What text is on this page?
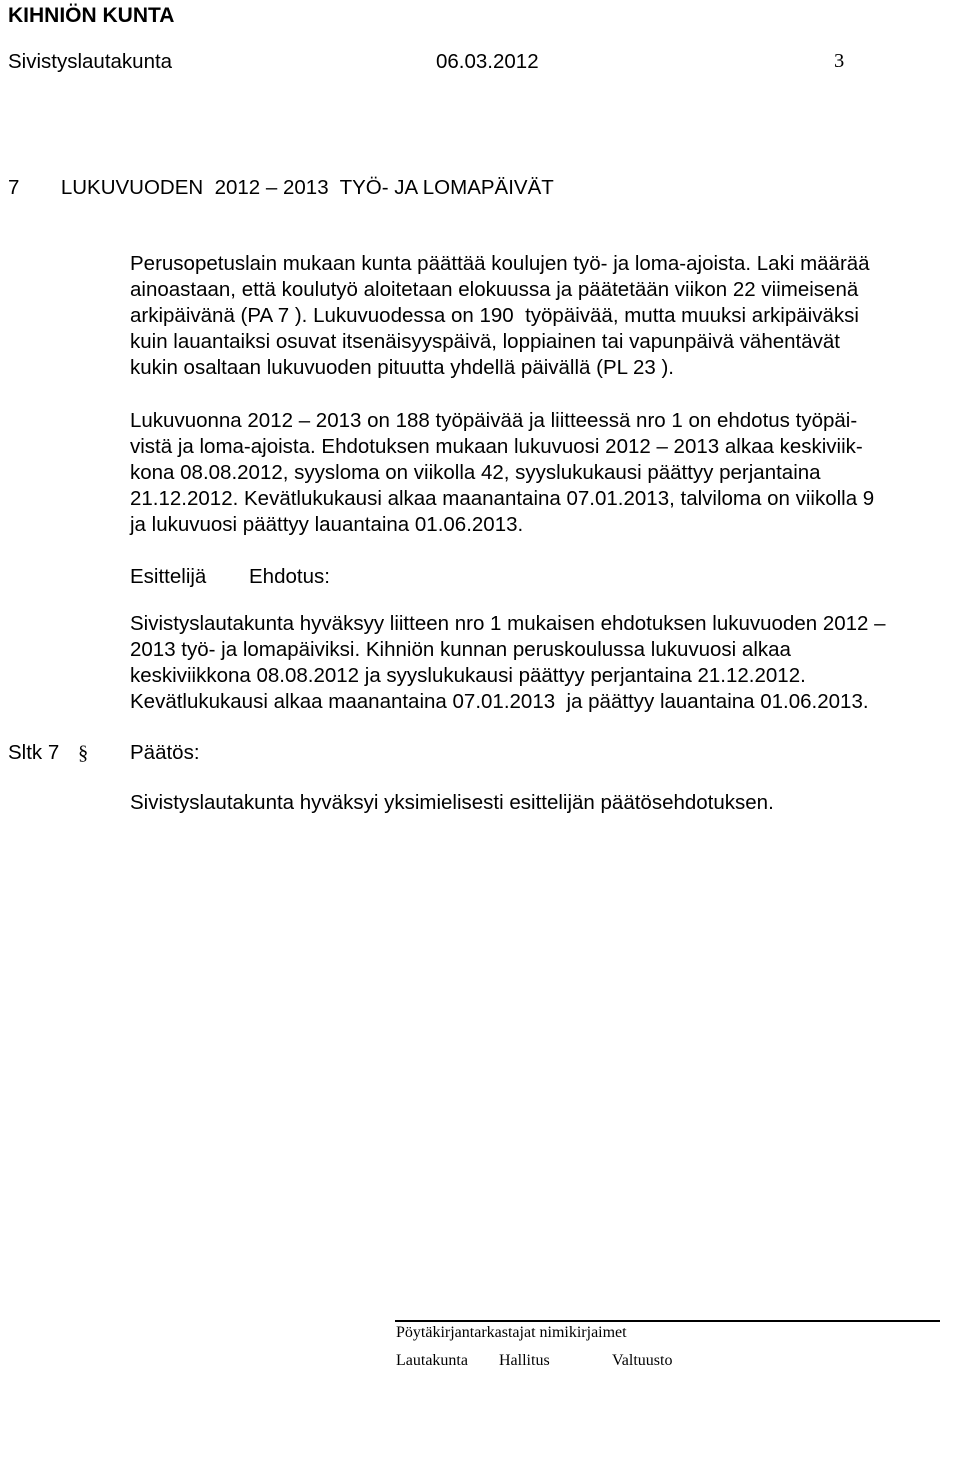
KIHNIÖN KUNTA
Sivistyslautakunta	06.03.2012	3
7 LUKUVUODEN  2012 – 2013  TYÖ- JA LOMAPÄIVÄT
Perusopetuslain mukaan kunta päättää koulujen työ- ja loma-ajoista. Laki määrää
ainoastaan, että koulutyö aloitetaan elokuussa ja päätetään viikon 22 viimeisenä
arkipäivänä (PA 7 ). Lukuvuodessa on 190  työpäivää, mutta muuksi arkipäiväksi
kuin lauantaiksi osuvat itsenäisyyspäivä, loppiainen tai vapunpäivä vähentävät
kukin osaltaan lukuvuoden pituutta yhdellä päivällä (PL 23 ).
Lukuvuonna 2012 – 2013 on 188 työpäivää ja liitteessä nro 1 on ehdotus työpäi-
vistä ja loma-ajoista. Ehdotuksen mukaan lukuvuosi 2012 – 2013 alkaa keskiviik-
kona 08.08.2012, syysloma on viikolla 42, syyslukukausi päättyy perjantaina
21.12.2012. Kevätlukukausi alkaa maanantaina 07.01.2013, talviloma on viikolla 9
ja lukuvuosi päättyy lauantaina 01.06.2013.
Esittelijä Ehdotus:
Sivistyslautakunta hyväksyy liitteen nro 1 mukaisen ehdotuksen lukuvuoden 2012 –
2013 työ- ja lomapäiviksi. Kihniön kunnan peruskoulussa lukuvuosi alkaa
keskiviikkona 08.08.2012 ja syyslukukausi päättyy perjantaina 21.12.2012.
Kevätlukukausi alkaa maanantaina 07.01.2013  ja päättyy lauantaina 01.06.2013.
Sltk 7 § Päätös:
Sivistyslautakunta hyväksyi yksimielisesti esittelijän päätösehdotuksen.
Pöytäkirjantarkastajat nimikirjaimet
Lautakunta Hallitus	Valtuusto
